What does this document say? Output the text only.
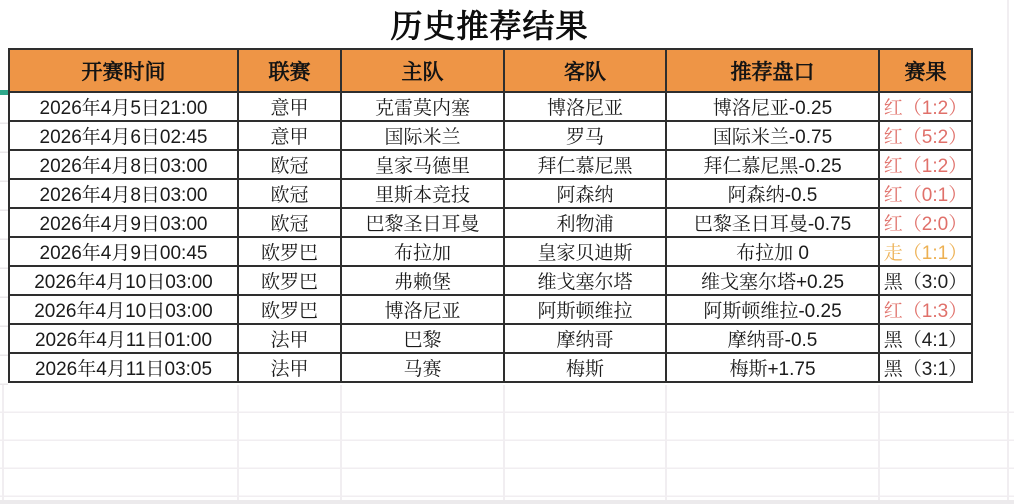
历史推荐结果
开赛时间	联赛	主队	客队	推荐盘口	赛果
2026年4月5日21:00	意甲	克雷莫内塞	博洛尼亚	博洛尼亚-0.25	红（1:2）
2026年4月6日02:45	意甲	国际米兰	罗马	国际米兰-0.75	红（5:2）
2026年4月8日03:00	欧冠	皇家马德里	拜仁慕尼黑	拜仁慕尼黑-0.25	红（1:2）
2026年4月8日03:00	欧冠	里斯本竞技	阿森纳	阿森纳-0.5	红（0:1）
2026年4月9日03:00	欧冠	巴黎圣日耳曼	利物浦	巴黎圣日耳曼-0.75	红（2:0）
2026年4月9日00:45	欧罗巴	布拉加	皇家贝迪斯	布拉加 0	走（1:1）
2026年4月10日03:00	欧罗巴	弗赖堡	维戈塞尔塔	维戈塞尔塔+0.25	黑（3:0）
2026年4月10日03:00	欧罗巴	博洛尼亚	阿斯顿维拉	阿斯顿维拉-0.25	红（1:3）
2026年4月11日01:00	法甲	巴黎	摩纳哥	摩纳哥-0.5	黑（4:1）
2026年4月11日03:05	法甲	马赛	梅斯	梅斯+1.75	黑（3:1）
